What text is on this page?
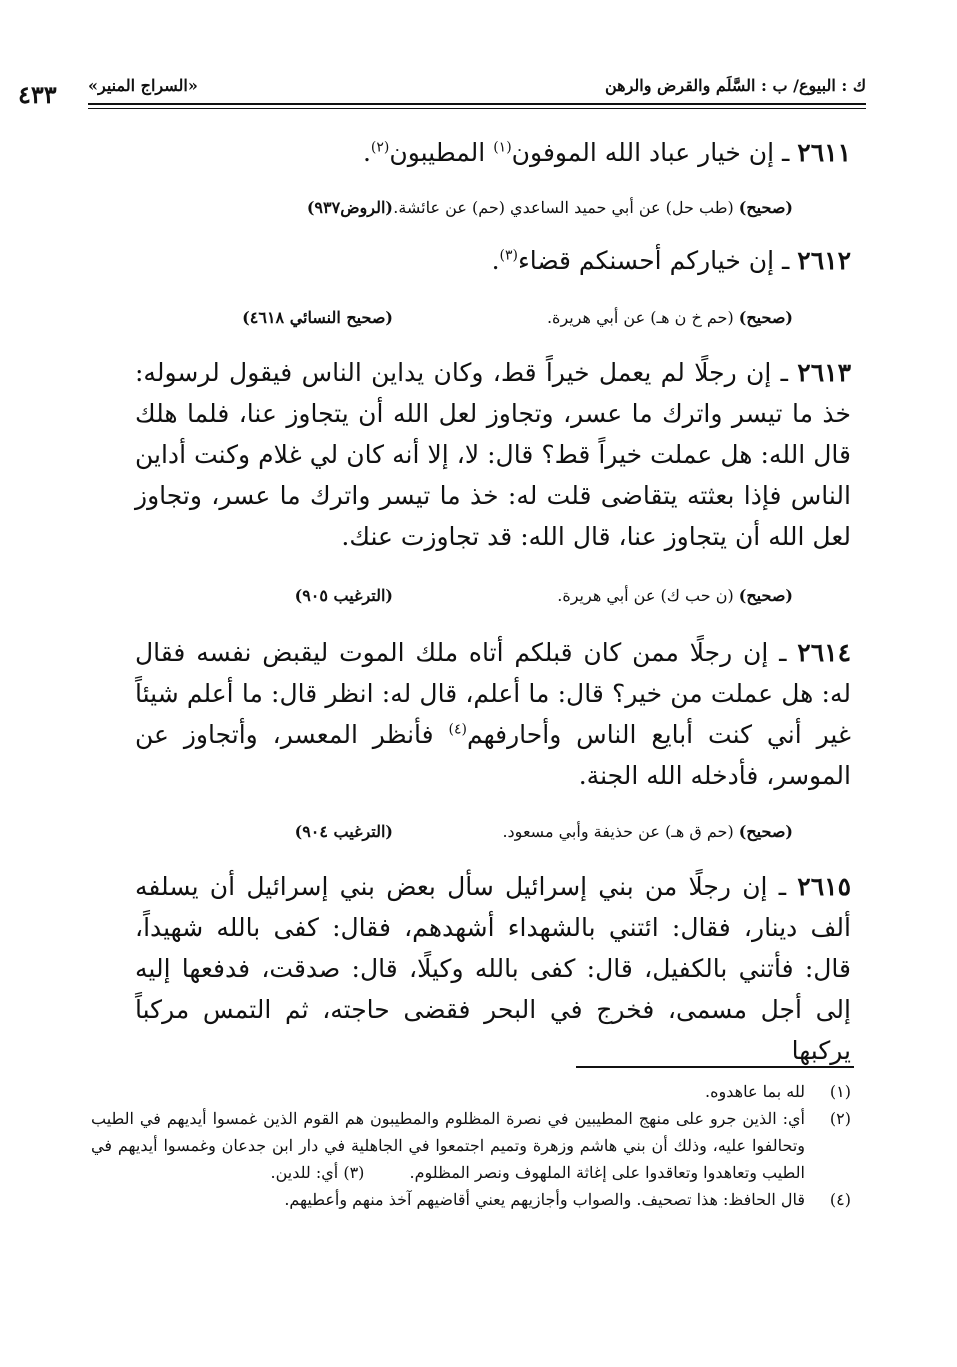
ك : البيوع/ ب : السَّلَم والقرض والرهن
«السراج المنير»
٤٣٣
٢٦١١ ـ إن خيار عباد الله الموفون$^{(١)}$ المطيبون$^{(٢)}$.
(صحيح) (طب حل) عن أبي حميد الساعدي (حم) عن عائشة.
(الروض٩٣٧)
٢٦١٢ ـ إن خياركم أحسنكم قضاء$^{(٣)}$.
(صحيح) (حم خ ن هـ) عن أبي هريرة.
(صحيح النسائي ٤٦١٨)
٢٦١٣ ـ إن رجلًا لم يعمل خيراً قط، وكان يداين الناس فيقول لرسوله: خذ ما تيسر واترك ما عسر، وتجاوز لعل الله أن يتجاوز عنا، فلما هلك قال الله: هل عملت خيراً قط؟ قال: لا، إلا أنه كان لي غلام وكنت أداين الناس فإذا بعثته يتقاضى قلت له: خذ ما تيسر واترك ما عسر، وتجاوز لعل الله أن يتجاوز عنا، قال الله: قد تجاوزت عنك.
(صحيح) (ن حب ك) عن أبي هريرة.
(الترغيب ٩٠٥)
٢٦١٤ ـ إن رجلًا ممن كان قبلكم أتاه ملك الموت ليقبض نفسه فقال له: هل عملت من خير؟ قال: ما أعلم، قال له: انظر قال: ما أعلم شيئاً غير أني كنت أبايع الناس وأحارفهم$^{(٤)}$ فأنظر المعسر، وأتجاوز عن الموسر، فأدخله الله الجنة.
(صحيح) (حم ق هـ) عن حذيفة وأبي مسعود.
(الترغيب ٩٠٤)
٢٦١٥ ـ إن رجلًا من بني إسرائيل سأل بعض بني إسرائيل أن يسلفه ألف دينار، فقال: ائتني بالشهداء أشهدهم، فقال: كفى بالله شهيداً، قال: فأتني بالكفيل، قال: كفى بالله وكيلًا، قال: صدقت، فدفعها إليه إلى أجل مسمى، فخرج في البحر فقضى حاجته، ثم التمس مركباً يركبها
(١)
لله بما عاهدوه.
(٢)
أي: الذين جرو على منهج المطيبين في نصرة المظلوم والمطيبون هم القوم الذين غمسوا أيديهم في الطيب وتحالفوا عليه، وذلك أن بني هاشم وزهرة وتميم اجتمعوا في الجاهلية في دار ابن جدعان وغمسوا أيديهم في الطيب وتعاهدوا وتعاقدوا على إغاثة الملهوف ونصر المظلوم. (٣) أي: للدين.
(٤)
قال الحافظ: هذا تصحيف. والصواب وأجازيهم يعني أقاضيهم آخذ منهم وأعطيهم.
